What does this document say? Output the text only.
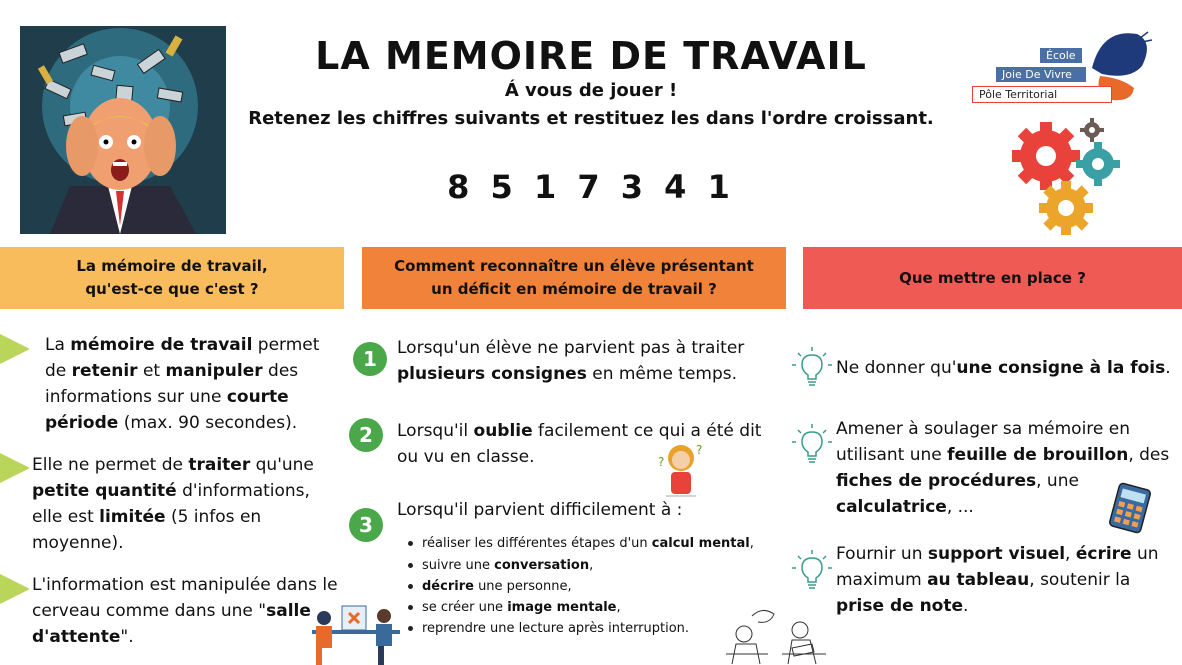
LA MEMOIRE DE TRAVAIL
Á vous de jouer !
Retenez les chiffres suivants et restituez les dans l'ordre croissant.
8 5 1 7 3 4 1
École
Joie De Vivre
Pôle Territorial
La mémoire de travail,
qu'est-ce que c'est ?
Comment reconnaître un élève présentant
un déficit en mémoire de travail ?
Que mettre en place ?
La mémoire de travail permet de retenir et manipuler des informations sur une courte période (max. 90 secondes).
Elle ne permet de traiter qu'une petite quantité d'informations, elle est limitée (5 infos en moyenne).
L'information est manipulée dans le cerveau comme dans une "salle d'attente".
1	Lorsqu'un élève ne parvient pas à traiter plusieurs consignes en même temps.
2	Lorsqu'il oublie facilement ce qui a été dit ou vu en classe.	?
?
3
Lorsqu'il parvient difficilement à :
réaliser les différentes étapes d'un calcul mental,
suivre une conversation,
décrire une personne,
se créer une image mentale,
reprendre une lecture après interruption.
Ne donner qu'une consigne à la fois.
Amener à soulager sa mémoire en utilisant une feuille de brouillon, des fiches de procédures, une calculatrice, ...
Fournir un support visuel, écrire un maximum au tableau, soutenir la prise de note.
